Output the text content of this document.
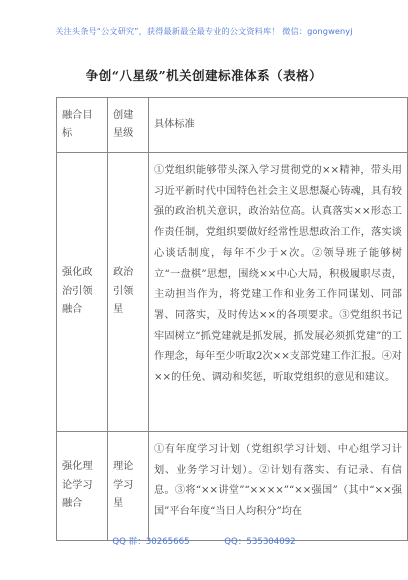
关注头条号“公文研究”，获得最新最全最专业的公文资料库！ 微信：gongwenyj
争创“八星级”机关创建标准体系（表格）
融合目标	创建星级	具体标准
强化政治引领融合	政治引领星	①党组织能够带头深入学习贯彻党的××精神，带头用习近平新时代中国特色社会主义思想凝心铸魂，具有较强的政治机关意识，政治站位高。认真落实××形态工作责任制，党组织要做好经常性思想政治工作，落实谈心谈话制度，每年不少于×次。②领导班子能够树立“一盘棋”思想，围绕××中心大局，积极履职尽责，主动担当作为，将党建工作和业务工作同谋划、同部署、同落实，及时传达××的各项要求。③党组织书记牢固树立“抓党建就是抓发展，抓发展必须抓党建”的工作理念，每年至少听取2次××支部党建工作汇报。④对××的任免、调动和奖惩，听取党组织的意见和建议。
强化理论学习融合	理论学习星	①有年度学习计划（党组织学习计划、中心组学习计划、业务学习计划）。②计划有落实、有记录、有信息。③将“××讲堂”“××××”“××强国”（其中“××强国”平台年度“当日人均积分”均在
QQ 群：30265665	QQ：535304092
